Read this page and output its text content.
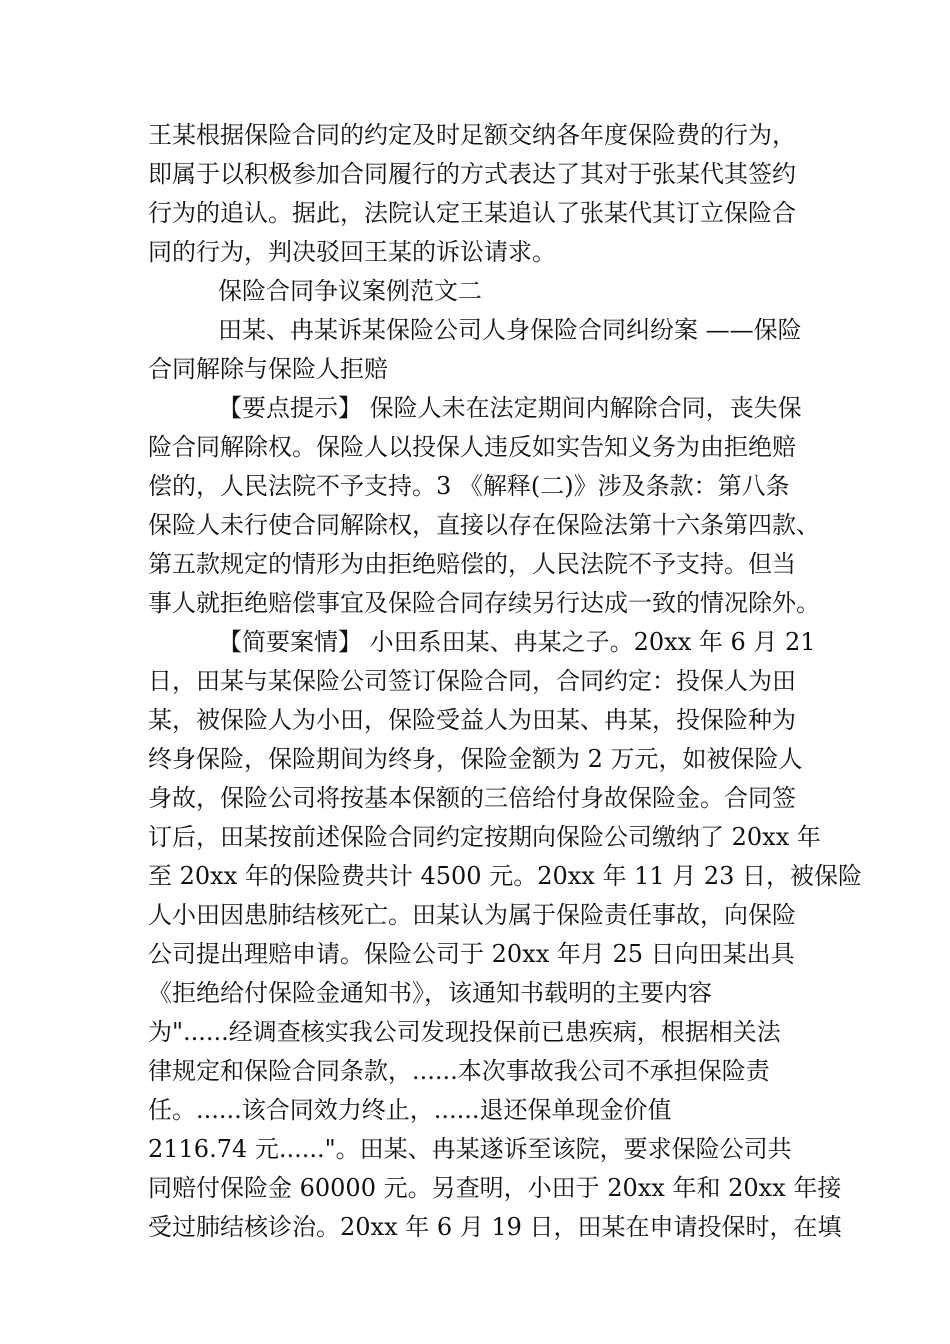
王某根据保险合同的约定及时足额交纳各年度保险费的行为，
即属于以积极参加合同履行的方式表达了其对于张某代其签约
行为的追认。据此，法院认定王某追认了张某代其订立保险合
同的行为，判决驳回王某的诉讼请求。
保险合同争议案例范文二
田某、冉某诉某保险公司人身保险合同纠纷案 ——保险
合同解除与保险人拒赔
【要点提示】 保险人未在法定期间内解除合同，丧失保
险合同解除权。保险人以投保人违反如实告知义务为由拒绝赔
偿的，人民法院不予支持。3 《解释(二)》涉及条款：第八条
保险人未行使合同解除权，直接以存在保险法第十六条第四款、
第五款规定的情形为由拒绝赔偿的，人民法院不予支持。但当
事人就拒绝赔偿事宜及保险合同存续另行达成一致的情况除外。
【简要案情】 小田系田某、冉某之子。20xx 年 6 月 21
日，田某与某保险公司签订保险合同，合同约定：投保人为田
某，被保险人为小田，保险受益人为田某、冉某，投保险种为
终身保险，保险期间为终身，保险金额为 2 万元，如被保险人
身故，保险公司将按基本保额的三倍给付身故保险金。合同签
订后，田某按前述保险合同约定按期向保险公司缴纳了 20xx 年
至 20xx 年的保险费共计 4500 元。20xx 年 11 月 23 日，被保险
人小田因患肺结核死亡。田某认为属于保险责任事故，向保险
公司提出理赔申请。保险公司于 20xx 年月 25 日向田某出具
《拒绝给付保险金通知书》，该通知书载明的主要内容
为"......经调查核实我公司发现投保前已患疾病，根据相关法
律规定和保险合同条款，......本次事故我公司不承担保险责
任。......该合同效力终止，......退还保单现金价值
2116.74 元......"。田某、冉某遂诉至该院，要求保险公司共
同赔付保险金 60000 元。另查明，小田于 20xx 年和 20xx 年接
受过肺结核诊治。20xx 年 6 月 19 日，田某在申请投保时，在填
